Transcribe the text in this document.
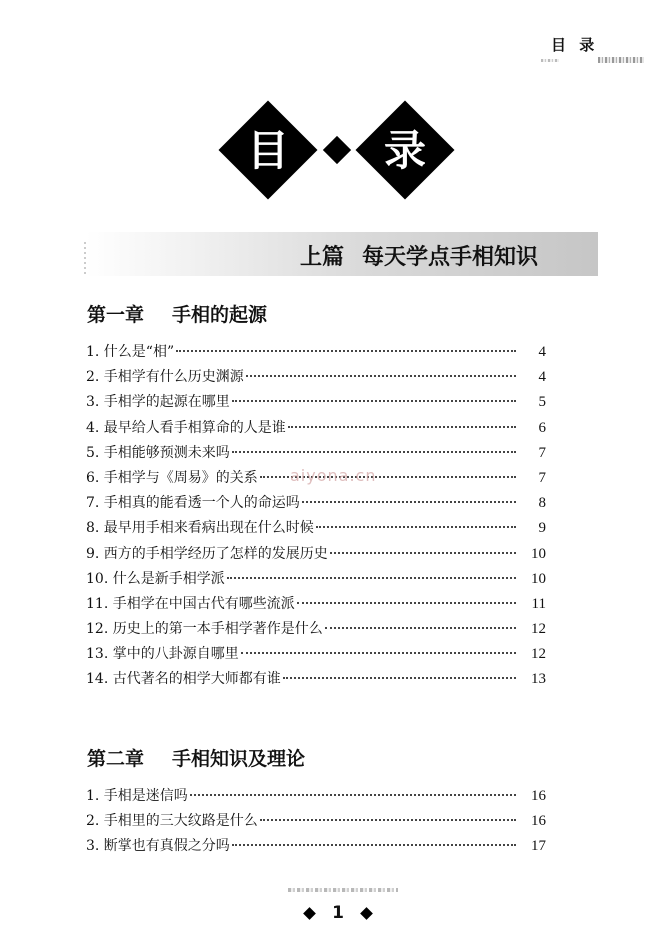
目 录
目	录
上篇 每天学点手相知识
第一章 手相的起源
1. 什么是“相”	4
2. 手相学有什么历史渊源	4
3. 手相学的起源在哪里	5
4. 最早给人看手相算命的人是谁	6
5. 手相能够预测未来吗	7
6. 手相学与《周易》的关系	7
7. 手相真的能看透一个人的命运吗	8
8. 最早用手相来看病出现在什么时候	9
9. 西方的手相学经历了怎样的发展历史	10
10. 什么是新手相学派	10
11. 手相学在中国古代有哪些流派	11
12. 历史上的第一本手相学著作是什么	12
13. 掌中的八卦源自哪里	12
14. 古代著名的相学大师都有谁	13
aiyona.cn
第二章 手相知识及理论
1. 手相是迷信吗	16
2. 手相里的三大纹路是什么	16
3. 断掌也有真假之分吗	17
1
